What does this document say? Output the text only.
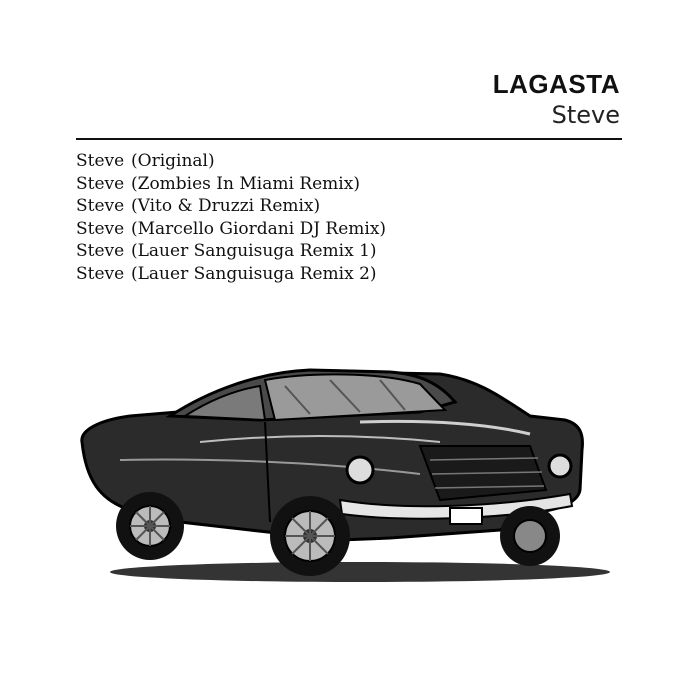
LAGASTA
Steve
Steve (Original)
Steve (Zombies In Miami Remix)
Steve (Vito & Druzzi Remix)
Steve (Marcello Giordani DJ Remix)
Steve (Lauer Sanguisuga Remix 1)
Steve (Lauer Sanguisuga Remix 2)
